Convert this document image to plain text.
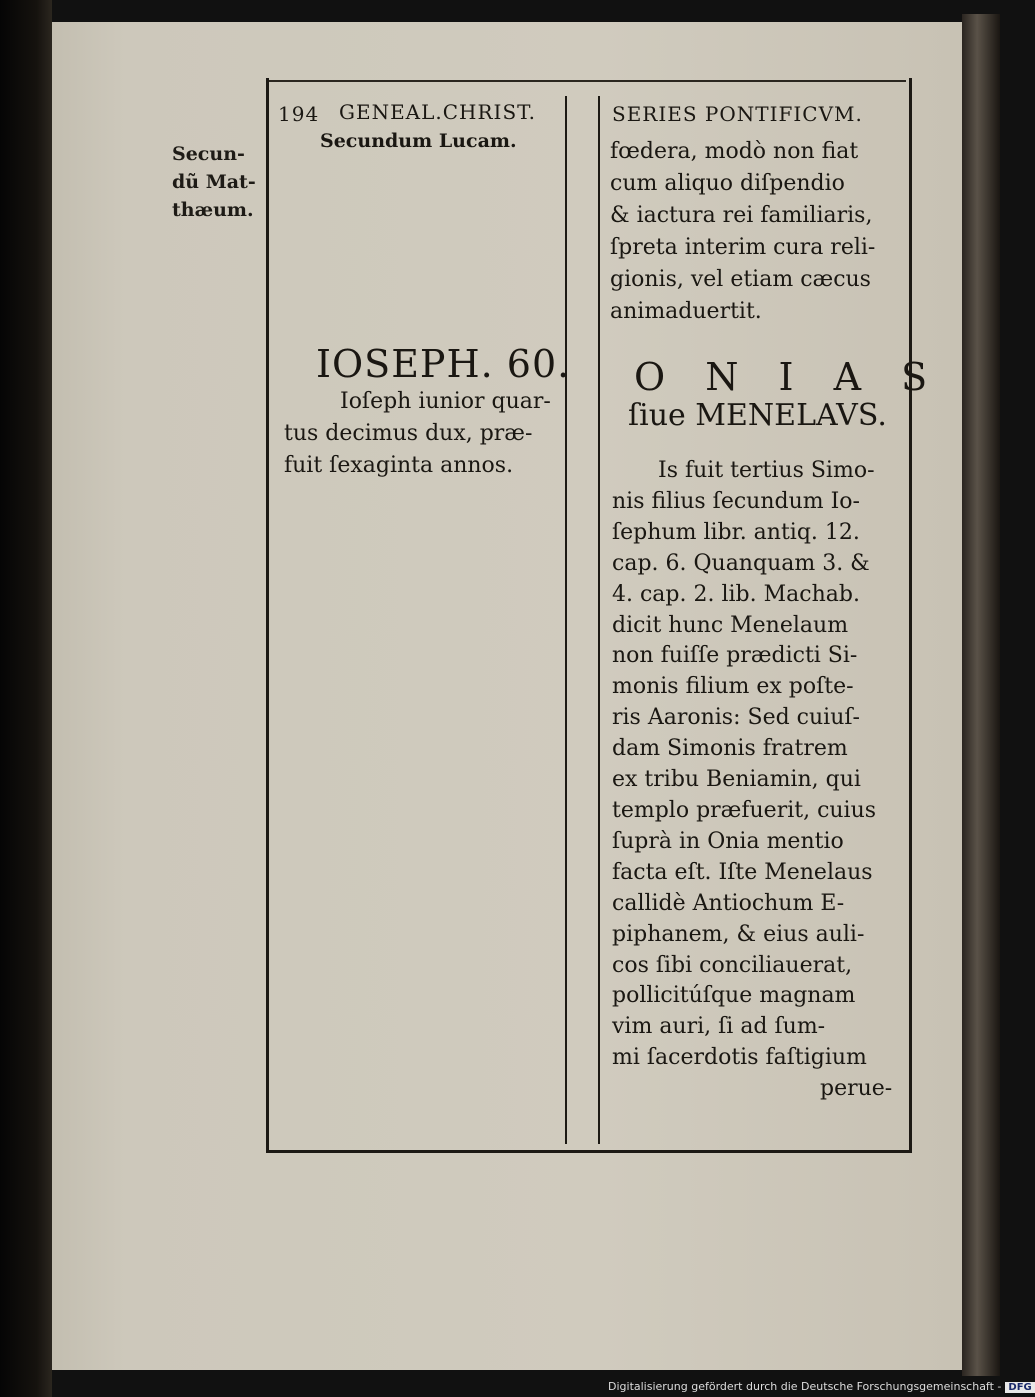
Secun-
dũ Mat-
thæum.
194 GENEAL.CHRIST.
Secundum Lucam.
SERIES PONTIFICVM.
IOSEPH. 60.
Ioſeph iunior quar-
tus decimus dux, præ-
fuit ſexaginta annos.
fœdera, modò non fiat
cum aliquo diſpendio
& iactura rei familiaris,
ſpreta interim cura reli-
gionis, vel etiam cæcus
animaduertit.
O N I A S
ſiue MENELAVS.
Is fuit tertius Simo-
nis filius ſecundum Io-
ſephum libr. antiq. 12.
cap. 6. Quanquam 3. &
4. cap. 2. lib. Machab.
dicit hunc Menelaum
non fuiſſe prædicti Si-
monis filium ex poſte-
ris Aaronis: Sed cuiuſ-
dam Simonis fratrem
ex tribu Beniamin, qui
templo præfuerit, cuius
ſuprà in Onia mentio
facta eſt. Iſte Menelaus
callidè Antiochum E-
piphanem, & eius auli-
cos ſibi conciliauerat,
pollicitúſque magnam
vim auri, ſi ad ſum-
mi ſacerdotis faſtigium
perue-
Digitalisierung gefördert durch die Deutsche Forschungsgemeinschaft - DFG
